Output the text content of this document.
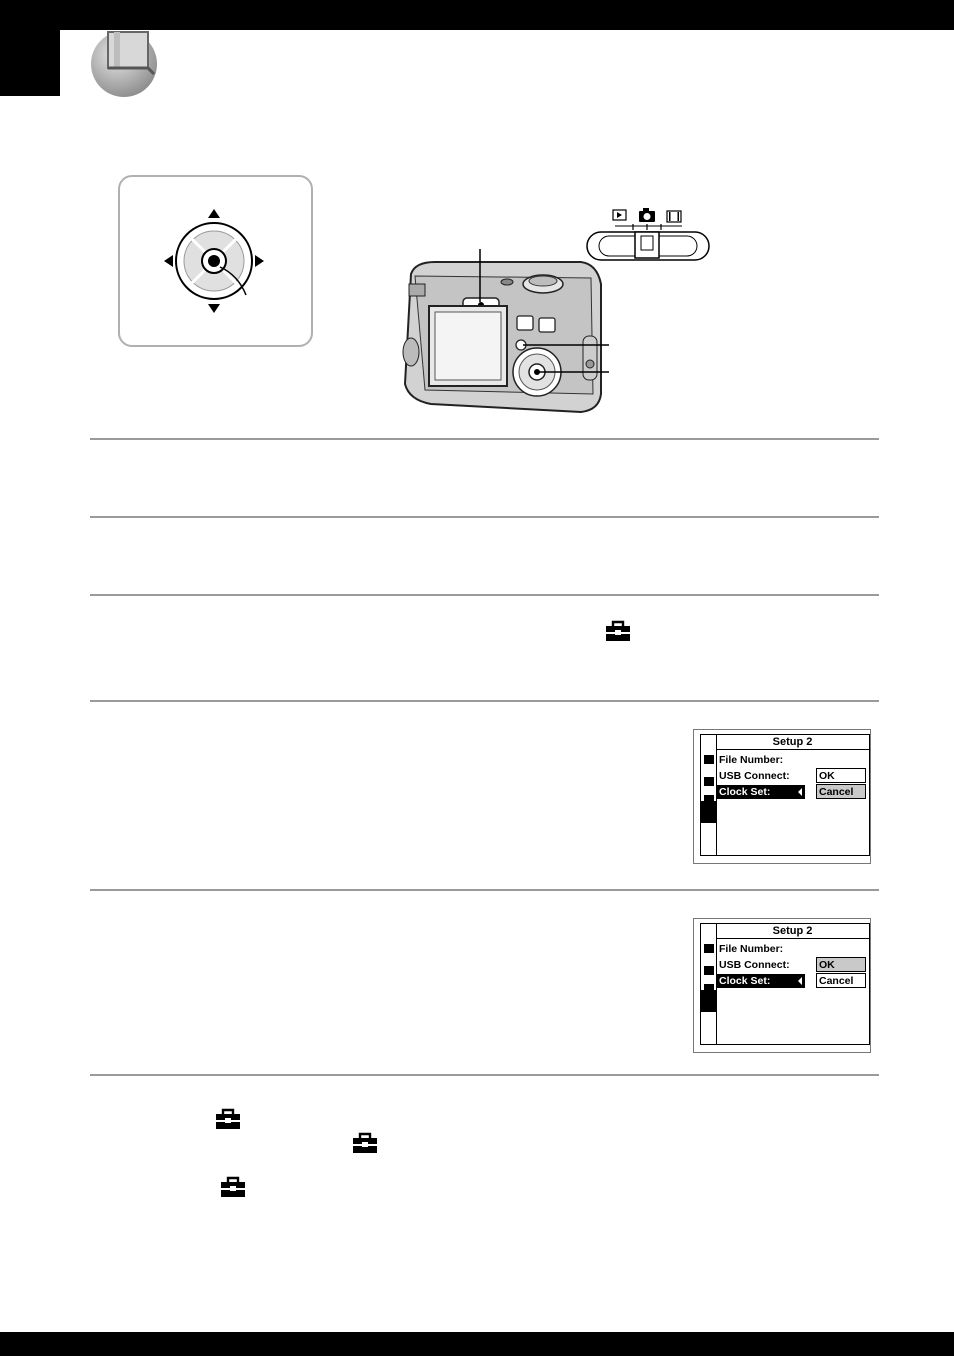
Setup 2
File Number:
USB Connect:
Clock Set:
OK
Cancel
Setup 2
File Number:
USB Connect:
Clock Set:
OK
Cancel
